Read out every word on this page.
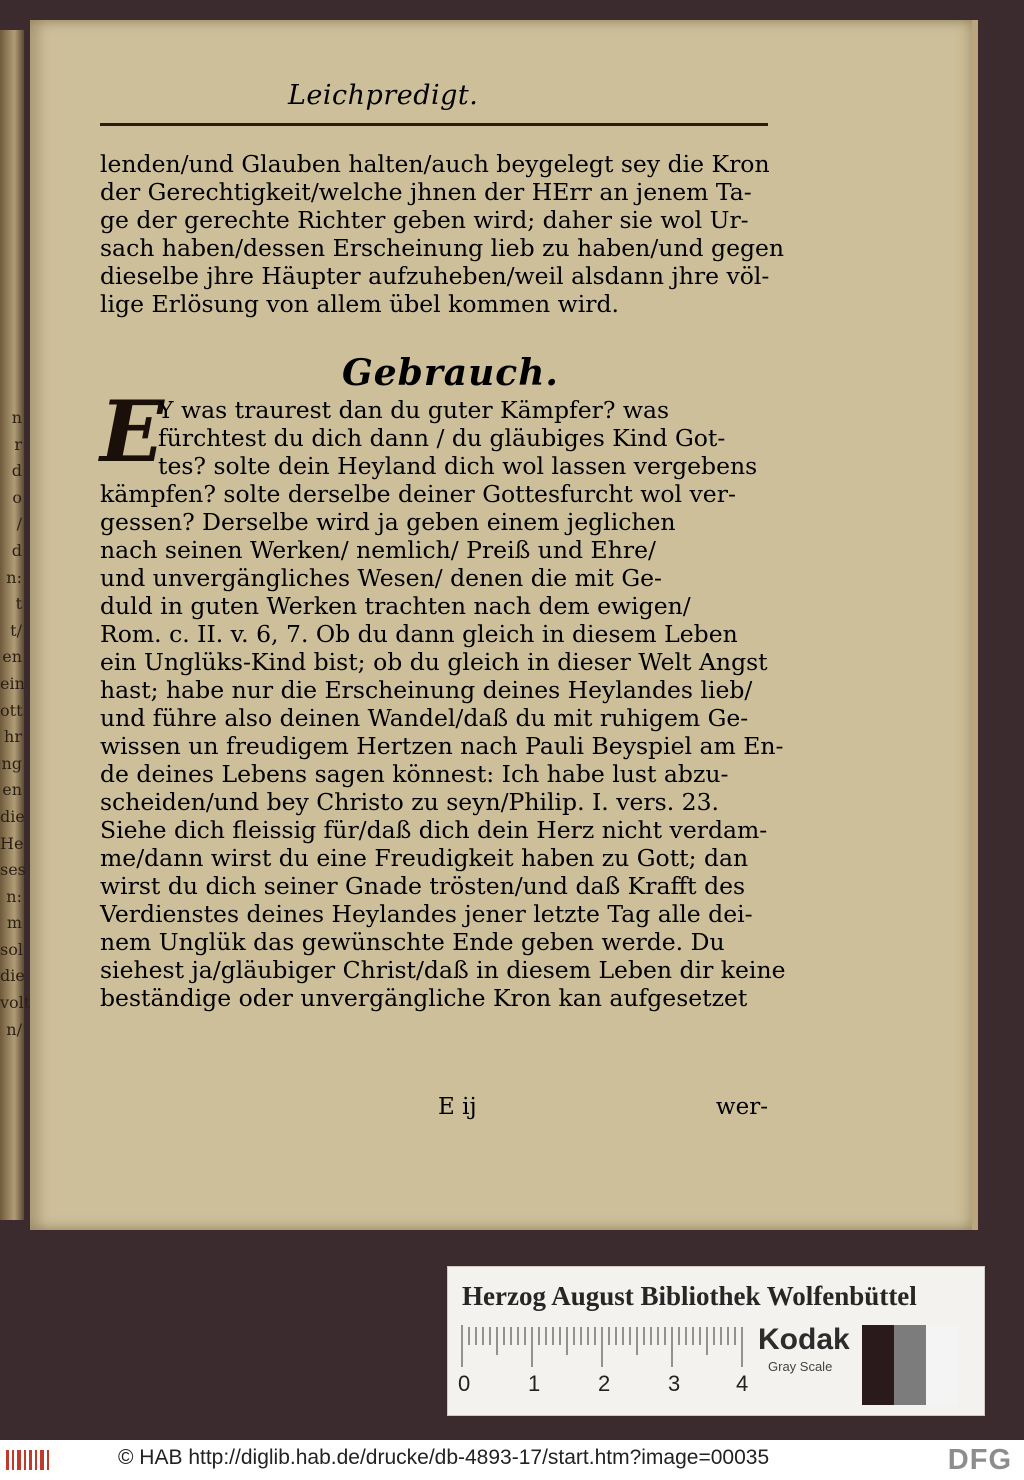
n
r
d
o
/
d
n:
t
t/
en
ein
ott
hr
ng
en
die
He
ses
n:
m
sol
die
volt
n/
Leichpredigt.
lenden/und Glauben halten/auch beygelegt sey die Kron
der Gerechtigkeit/welche jhnen der HErr an jenem Ta-
ge der gerechte Richter geben wird; daher sie wol Ur-
sach haben/dessen Erscheinung lieb zu haben/und gegen
dieselbe jhre Häupter aufzuheben/weil alsdann jhre völ-
lige Erlösung von allem übel kommen wird.
Gebrauch.
E
Y was traurest dan du guter Kämpfer? was
fürchtest du dich dann / du gläubiges Kind Got-
tes? solte dein Heyland dich wol lassen vergebens
kämpfen? solte derselbe deiner Gottesfurcht wol ver-
gessen? Derselbe wird ja geben einem jeglichen
nach seinen Werken/ nemlich/ Preiß und Ehre/
und unvergängliches Wesen/ denen die mit Ge-
duld in guten Werken trachten nach dem ewigen/
Rom. c. II. v. 6, 7. Ob du dann gleich in diesem Leben
ein Unglüks-Kind bist; ob du gleich in dieser Welt Angst
hast; habe nur die Erscheinung deines Heylandes lieb/
und führe also deinen Wandel/daß du mit ruhigem Ge-
wissen un freudigem Hertzen nach Pauli Beyspiel am En-
de deines Lebens sagen könnest: Ich habe lust abzu-
scheiden/und bey Christo zu seyn/Philip. I. vers. 23.
Siehe dich fleissig für/daß dich dein Herz nicht verdam-
me/dann wirst du eine Freudigkeit haben zu Gott; dan
wirst du dich seiner Gnade trösten/und daß Krafft des
Verdienstes deines Heylandes jener letzte Tag alle dei-
nem Unglük das gewünschte Ende geben werde. Du
siehest ja/gläubiger Christ/daß in diesem Leben dir keine
beständige oder unvergängliche Kron kan aufgesetzet
E ij	wer-
Herzog August Bibliothek Wolfenbüttel
0	1	2	3	4
Kodak
Gray Scale
© HAB http://diglib.hab.de/drucke/db-4893-17/start.htm?image=00035	DFG
